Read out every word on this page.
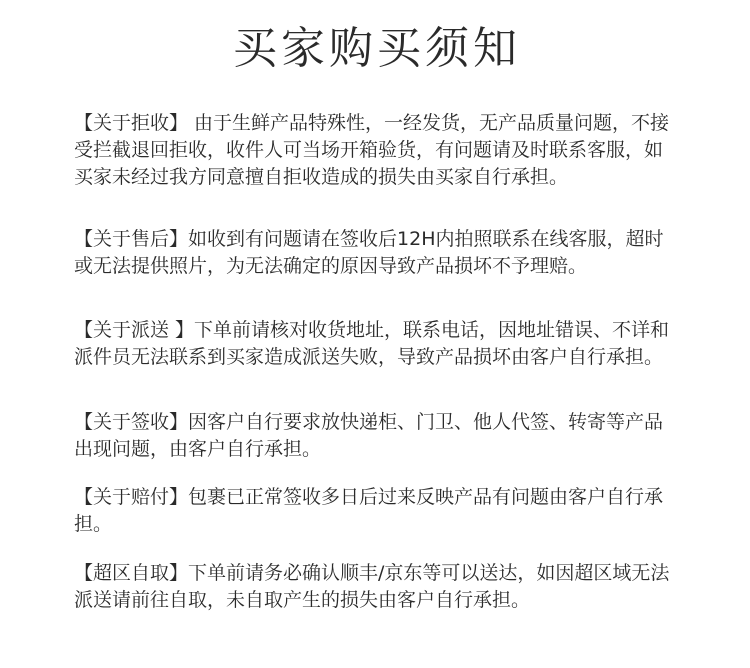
买家购买须知

【关于拒收】 由于生鲜产品特殊性，一经发货，无产品质量问题，不接受拦截退回拒收，收件人可当场开箱验货，有问题请及时联系客服，如买家未经过我方同意擅自拒收造成的损失由买家自行承担。

【关于售后】如收到有问题请在签收后12H内拍照联系在线客服，超时或无法提供照片，为无法确定的原因导致产品损坏不予理赔。

【关于派送 】下单前请核对收货地址，联系电话，因地址错误、不详和派件员无法联系到买家造成派送失败，导致产品损坏由客户自行承担。

【关于签收】因客户自行要求放快递柜、门卫、他人代签、转寄等产品出现问题，由客户自行承担。

【关于赔付】包裹已正常签收多日后过来反映产品有问题由客户自行承担。

【超区自取】下单前请务必确认顺丰/京东等可以送达，如因超区域无法派送请前往自取，未自取产生的损失由客户自行承担。
